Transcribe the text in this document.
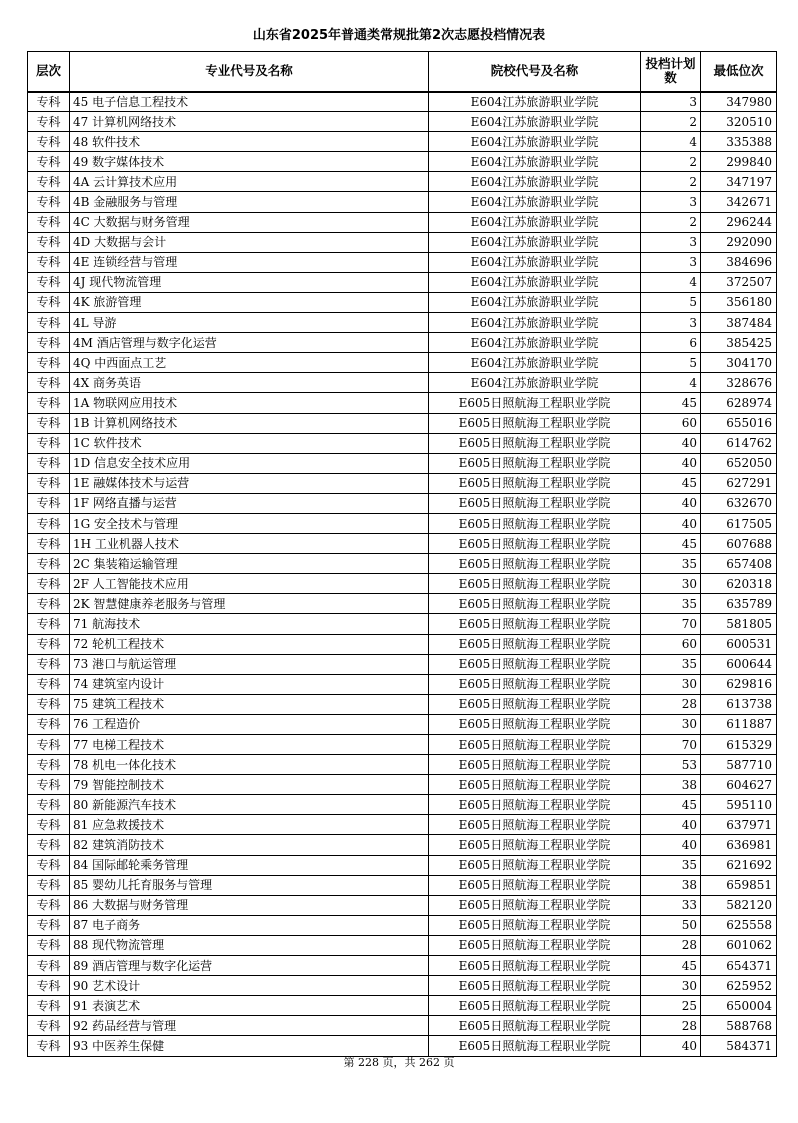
山东省2025年普通类常规批第2次志愿投档情况表
层次	专业代号及名称	院校代号及名称	投档计划数	最低位次
专科	45 电子信息工程技术	E604江苏旅游职业学院	3	347980
专科	47 计算机网络技术	E604江苏旅游职业学院	2	320510
专科	48 软件技术	E604江苏旅游职业学院	4	335388
专科	49 数字媒体技术	E604江苏旅游职业学院	2	299840
专科	4A 云计算技术应用	E604江苏旅游职业学院	2	347197
专科	4B 金融服务与管理	E604江苏旅游职业学院	3	342671
专科	4C 大数据与财务管理	E604江苏旅游职业学院	2	296244
专科	4D 大数据与会计	E604江苏旅游职业学院	3	292090
专科	4E 连锁经营与管理	E604江苏旅游职业学院	3	384696
专科	4J 现代物流管理	E604江苏旅游职业学院	4	372507
专科	4K 旅游管理	E604江苏旅游职业学院	5	356180
专科	4L 导游	E604江苏旅游职业学院	3	387484
专科	4M 酒店管理与数字化运营	E604江苏旅游职业学院	6	385425
专科	4Q 中西面点工艺	E604江苏旅游职业学院	5	304170
专科	4X 商务英语	E604江苏旅游职业学院	4	328676
专科	1A 物联网应用技术	E605日照航海工程职业学院	45	628974
专科	1B 计算机网络技术	E605日照航海工程职业学院	60	655016
专科	1C 软件技术	E605日照航海工程职业学院	40	614762
专科	1D 信息安全技术应用	E605日照航海工程职业学院	40	652050
专科	1E 融媒体技术与运营	E605日照航海工程职业学院	45	627291
专科	1F 网络直播与运营	E605日照航海工程职业学院	40	632670
专科	1G 安全技术与管理	E605日照航海工程职业学院	40	617505
专科	1H 工业机器人技术	E605日照航海工程职业学院	45	607688
专科	2C 集装箱运输管理	E605日照航海工程职业学院	35	657408
专科	2F 人工智能技术应用	E605日照航海工程职业学院	30	620318
专科	2K 智慧健康养老服务与管理	E605日照航海工程职业学院	35	635789
专科	71 航海技术	E605日照航海工程职业学院	70	581805
专科	72 轮机工程技术	E605日照航海工程职业学院	60	600531
专科	73 港口与航运管理	E605日照航海工程职业学院	35	600644
专科	74 建筑室内设计	E605日照航海工程职业学院	30	629816
专科	75 建筑工程技术	E605日照航海工程职业学院	28	613738
专科	76 工程造价	E605日照航海工程职业学院	30	611887
专科	77 电梯工程技术	E605日照航海工程职业学院	70	615329
专科	78 机电一体化技术	E605日照航海工程职业学院	53	587710
专科	79 智能控制技术	E605日照航海工程职业学院	38	604627
专科	80 新能源汽车技术	E605日照航海工程职业学院	45	595110
专科	81 应急救援技术	E605日照航海工程职业学院	40	637971
专科	82 建筑消防技术	E605日照航海工程职业学院	40	636981
专科	84 国际邮轮乘务管理	E605日照航海工程职业学院	35	621692
专科	85 婴幼儿托育服务与管理	E605日照航海工程职业学院	38	659851
专科	86 大数据与财务管理	E605日照航海工程职业学院	33	582120
专科	87 电子商务	E605日照航海工程职业学院	50	625558
专科	88 现代物流管理	E605日照航海工程职业学院	28	601062
专科	89 酒店管理与数字化运营	E605日照航海工程职业学院	45	654371
专科	90 艺术设计	E605日照航海工程职业学院	30	625952
专科	91 表演艺术	E605日照航海工程职业学院	25	650004
专科	92 药品经营与管理	E605日照航海工程职业学院	28	588768
专科	93 中医养生保健	E605日照航海工程职业学院	40	584371
第 228 页，共 262 页
